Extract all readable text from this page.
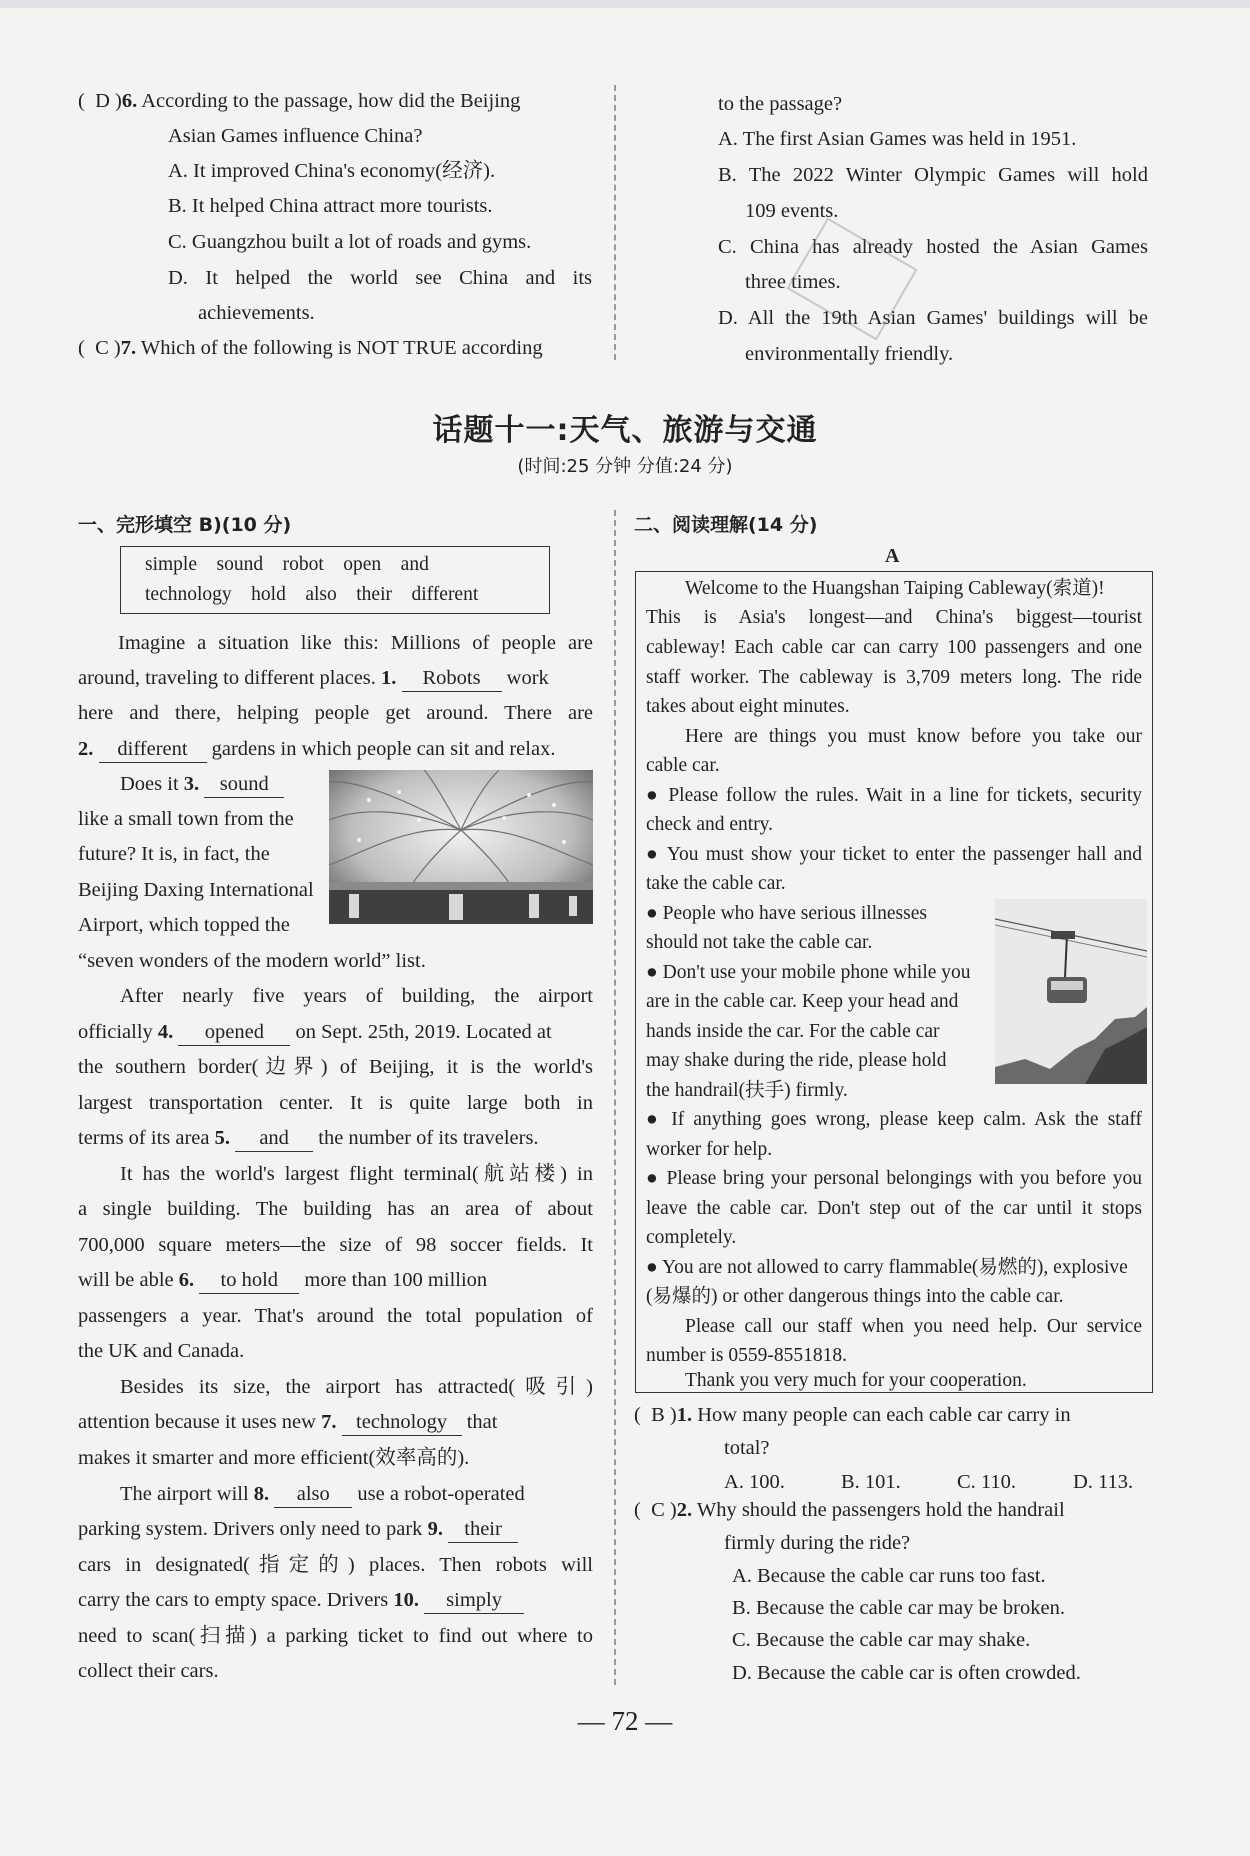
(  D )6. According to the passage, how did the Beijing
Asian Games influence China?
A. It improved China's economy(经济).
B. It helped China attract more tourists.
C. Guangzhou built a lot of roads and gyms.
D. It helped the world see China and its
achievements.
(  C )7. Which of the following is NOT TRUE according
to the passage?
A. The first Asian Games was held in 1951.
B. The 2022 Winter Olympic Games will hold
109 events.
C. China has already hosted the Asian Games
three times.
D. All the 19th Asian Games' buildings will be
environmentally friendly.
话题十一:天气、旅游与交通
(时间:25 分钟 分值:24 分)
一、完形填空 B)(10 分)
simple sound robot open and
technology hold also their different
Imagine a situation like this: Millions of people are
around, traveling to different places. 1. Robots work
here and there, helping people get around. There are
2. different gardens in which people can sit and relax.
Does it 3. sound
like a small town from the
future? It is, in fact, the
Beijing Daxing International
Airport, which topped the
“seven wonders of the modern world” list.
After nearly five years of building, the airport
officially 4. opened on Sept. 25th, 2019. Located at
the southern border(边界) of Beijing, it is the world's
largest transportation center. It is quite large both in
terms of its area 5. and the number of its travelers.
It has the world's largest flight terminal(航站楼) in
a single building. The building has an area of about
700,000 square meters—the size of 98 soccer fields. It
will be able 6. to hold more than 100 million
passengers a year. That's around the total population of
the UK and Canada.
Besides its size, the airport has attracted(吸引)
attention because it uses new 7. technology that
makes it smarter and more efficient(效率高的).
The airport will 8. also use a robot-operated
parking system. Drivers only need to park 9. their
cars in designated(指定的) places. Then robots will
carry the cars to empty space. Drivers 10. simply
need to scan(扫描) a parking ticket to find out where to
collect their cars.
二、阅读理解(14 分)
A
Welcome to the Huangshan Taiping Cableway(索道)!
This is Asia's longest—and China's biggest—tourist
cableway! Each cable car can carry 100 passengers and one
staff worker. The cableway is 3,709 meters long. The ride
takes about eight minutes.
Here are things you must know before you take our
cable car.
● Please follow the rules. Wait in a line for tickets, security
check and entry.
● You must show your ticket to enter the passenger hall and
take the cable car.
● People who have serious illnesses
should not take the cable car.
● Don't use your mobile phone while you
are in the cable car. Keep your head and
hands inside the car. For the cable car
may shake during the ride, please hold
the handrail(扶手) firmly.
● If anything goes wrong, please keep calm. Ask the staff
worker for help.
● Please bring your personal belongings with you before you
leave the cable car. Don't step out of the car until it stops
completely.
● You are not allowed to carry flammable(易燃的), explosive
(易爆的) or other dangerous things into the cable car.
Please call our staff when you need help. Our service
number is 0559-8551818.
Thank you very much for your cooperation.
(  B )1. How many people can each cable car carry in
total?
A. 100.	B. 101.	C. 110.	D. 113.
(  C )2. Why should the passengers hold the handrail
firmly during the ride?
A. Because the cable car runs too fast.
B. Because the cable car may be broken.
C. Because the cable car may shake.
D. Because the cable car is often crowded.
— 72 —
